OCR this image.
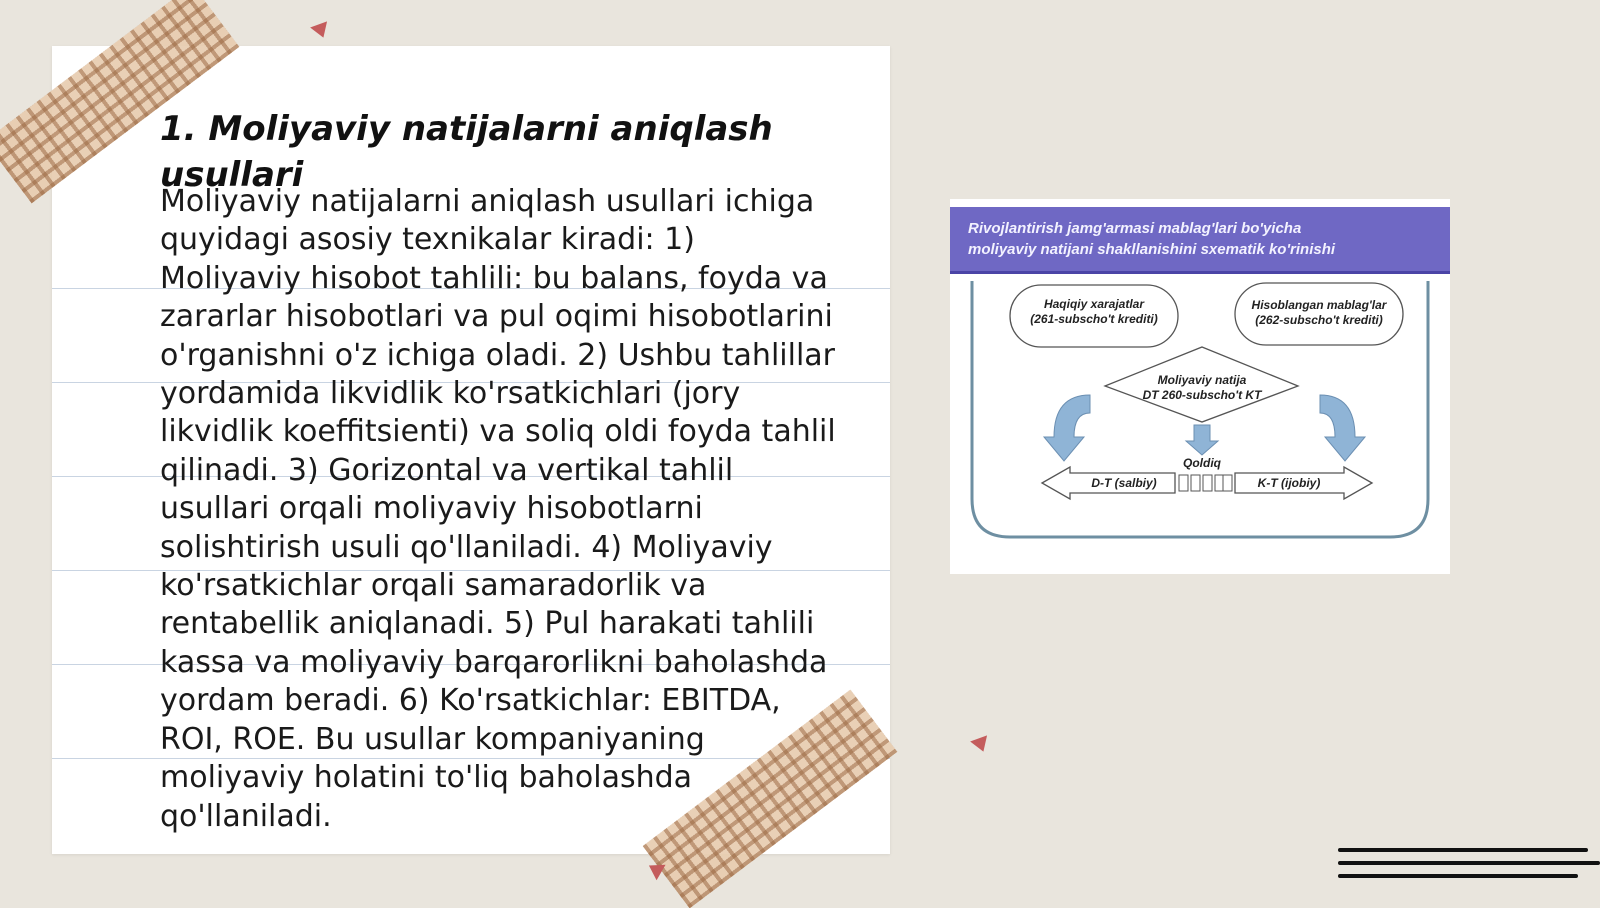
1. Moliyaviy natijalarni aniqlash usullari

Moliyaviy natijalarni aniqlash usullari ichiga quyidagi asosiy texnikalar kiradi: 1) Moliyaviy hisobot tahlili: bu balans, foyda va zararlar hisobotlari va pul oqimi hisobotlarini o'rganishni o'z ichiga oladi. 2) Ushbu tahlillar yordamida likvidlik ko'rsatkichlari (jory likvidlik koeffitsienti) va soliq oldi foyda tahlil qilinadi. 3) Gorizontal va vertikal tahlil usullari orqali moliyaviy hisobotlarni solishtirish usuli qo'llaniladi. 4) Moliyaviy ko'rsatkichlar orqali samaradorlik va rentabellik aniqlanadi. 5) Pul harakati tahlili kassa va moliyaviy barqarorlikni baholashda yordam beradi. 6) Ko'rsatkichlar: EBITDA, ROI, ROE. Bu usullar kompaniyaning moliyaviy holatini to'liq baholashda qo'llaniladi.

Rivojlantirish jamg'armasi mablag'lari bo'yicha
moliyaviy natijani shakllanishini sxematik ko'rinishi
Haqiqiy xarajatlar
(261-subscho't krediti)
Hisoblangan mablag'lar
(262-subscho't krediti)
Moliyaviy natija
DT 260-subscho't KT
Qoldiq
D-T (salbiy)	K-T (ijobiy)
